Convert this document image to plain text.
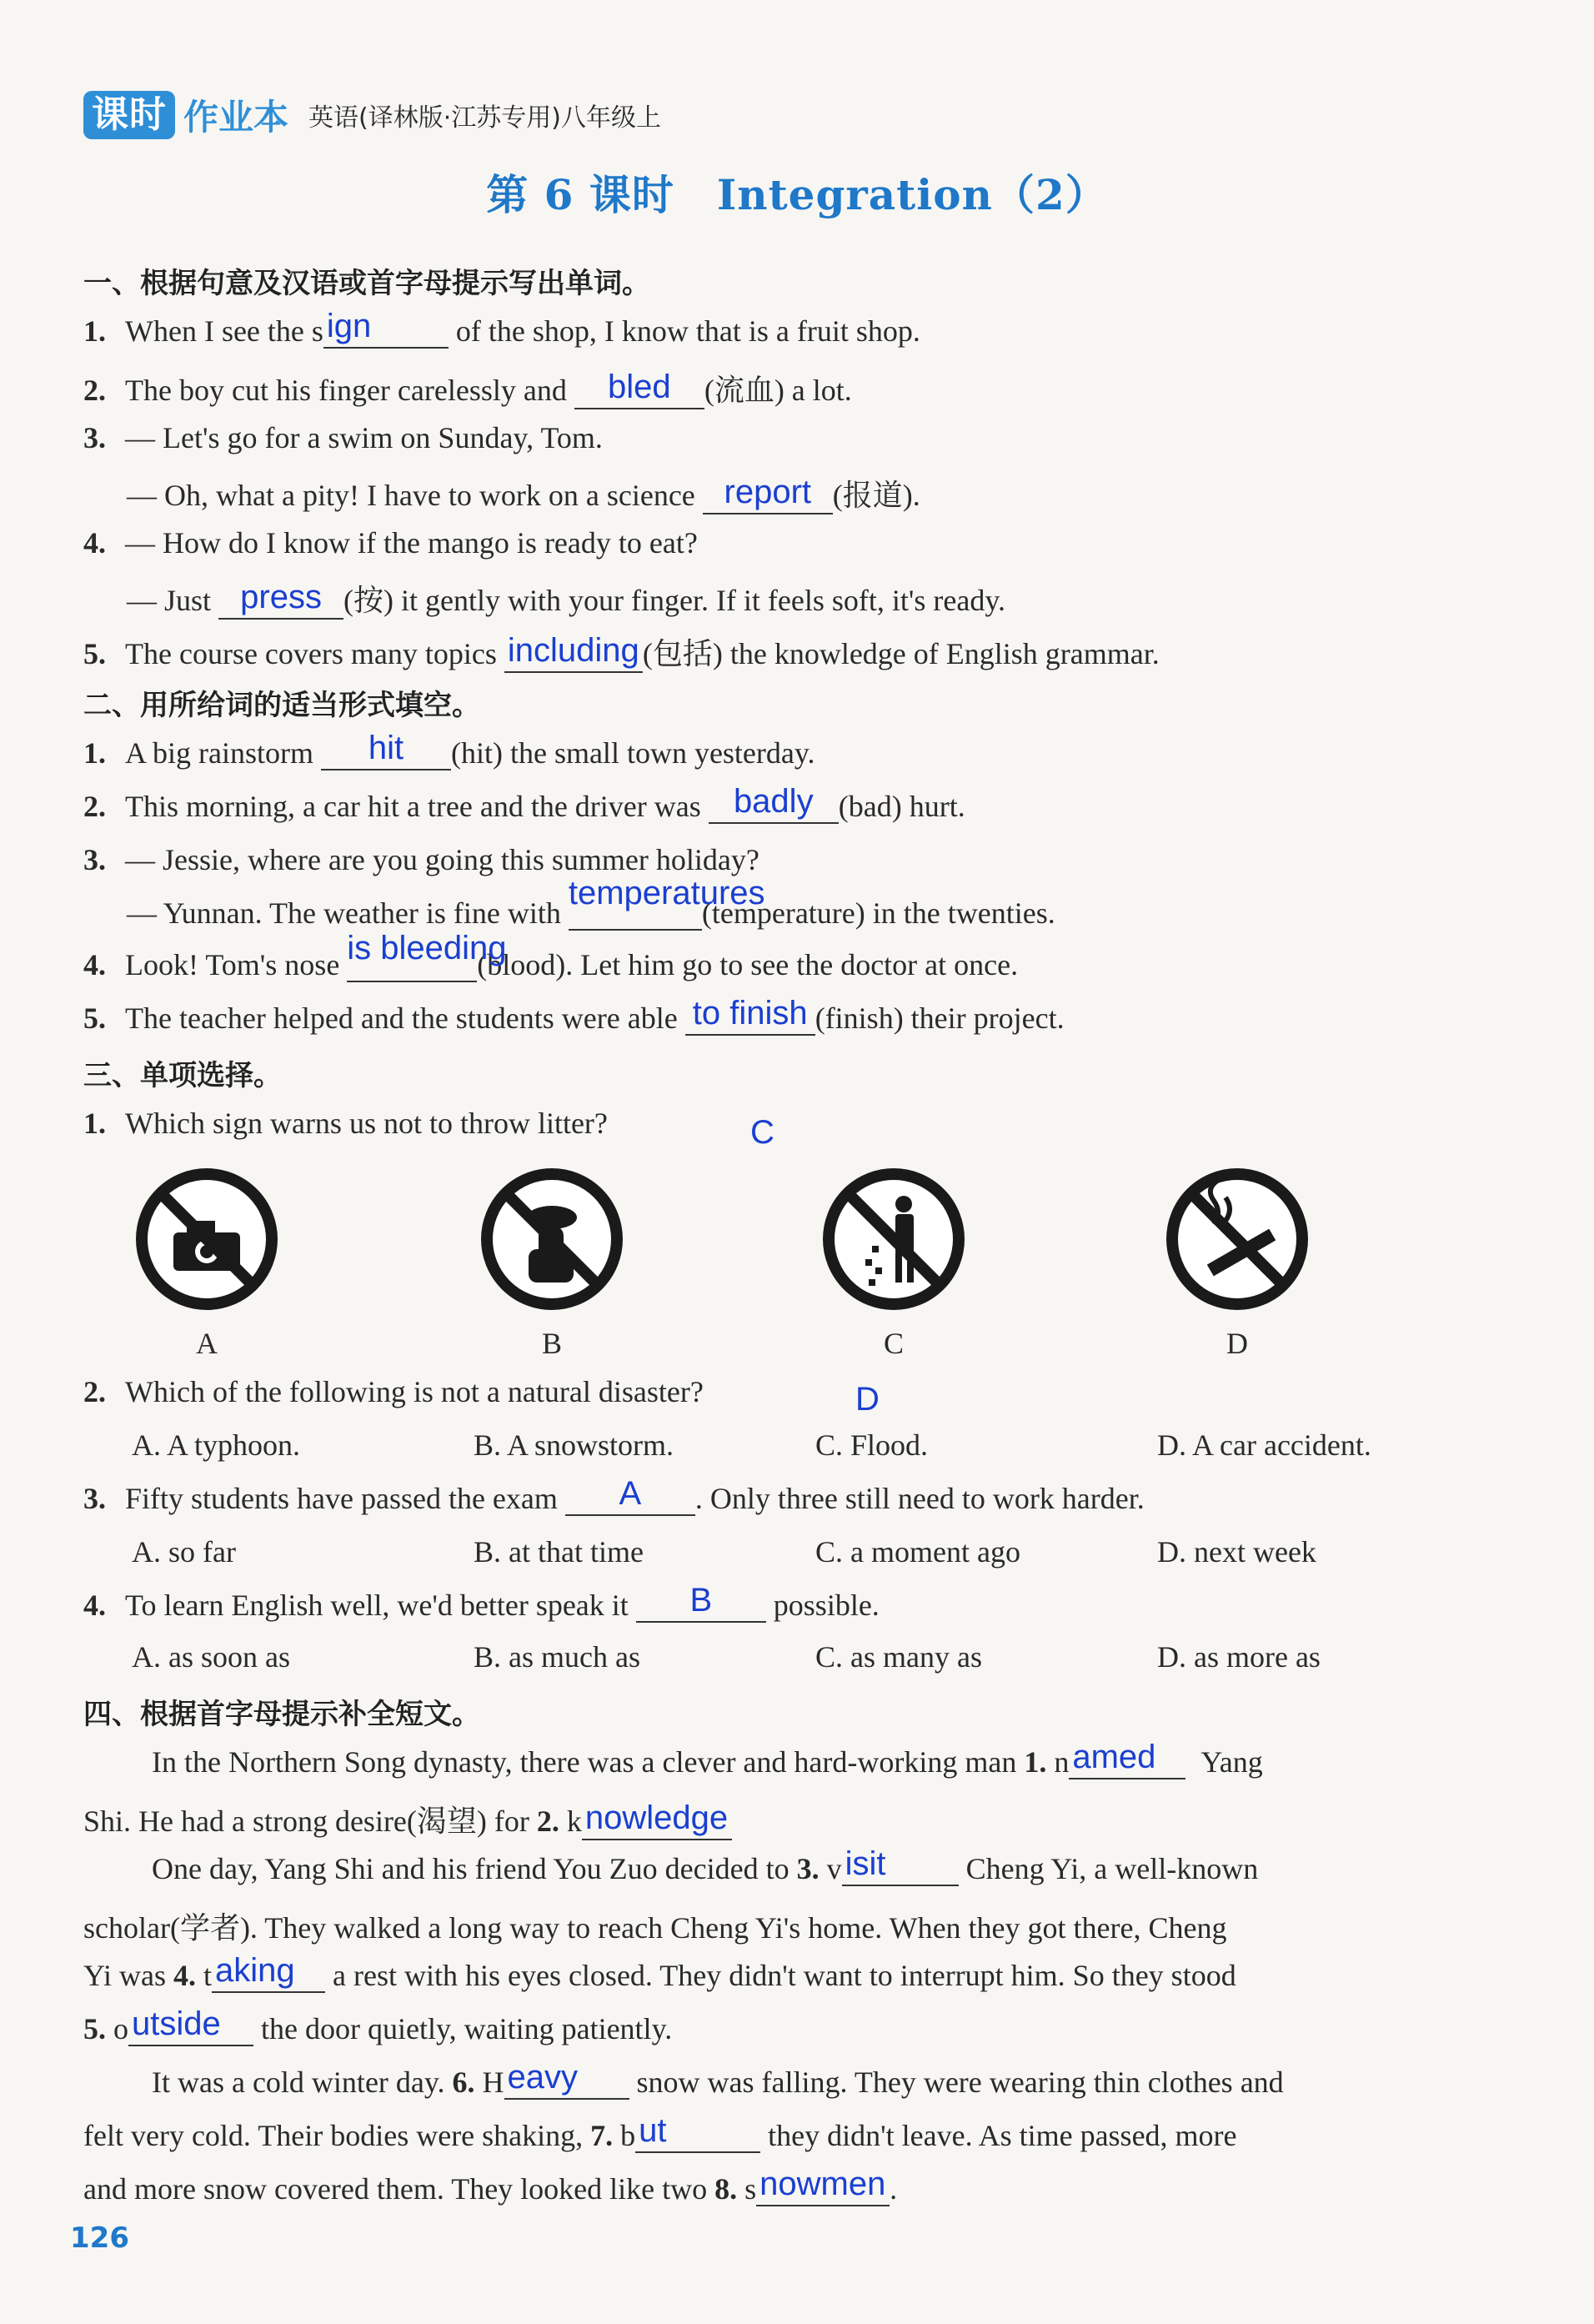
课时 作业本 英语(译林版·江苏专用)八年级上
第 6 课时　Integration（2）
一、根据句意及汉语或首字母提示写出单词。
1. When I see the s ign	of the shop, I know that is a fruit shop.
2. The boy cut his finger carelessly and	bled	(流血) a lot.
3. — Let's go for a swim on Sunday, Tom.
— Oh, what a pity! I have to work on a science report (报道).
4. — How do I know if the mango is ready to eat?
— Just press (按) it gently with your finger. If it feels soft, it's ready.
5. The course covers many topics including (包括) the knowledge of English grammar.
二、用所给词的适当形式填空。
1. A big rainstorm	hit	(hit) the small town yesterday.
2. This morning, a car hit a tree and the driver was badly (bad) hurt.
3. — Jessie, where are you going this summer holiday?
— Yunnan. The weather is fine with
temperatures
(temperature) in the twenties.
4. Look! Tom's nose is bleeding
(blood). Let him go to see the doctor at once.
5. The teacher helped and the students were able to finish (finish) their project.
三、单项选择。
1. Which sign warns us not to throw litter?	C
A	B	C	D
2. Which of the following is not a natural disaster?	D
A. A typhoon.	B. A snowstorm.	C. Flood.	D. A car accident.
3. Fifty students have passed the exam	A	. Only three still need to work harder.
A. so far	B. at that time	C. a moment ago	D. next week
4. To learn English well, we'd better speak it	B	possible.
A. as soon as	B. as much as	C. as many as	D. as more as
四、根据首字母提示补全短文。
In the Northern Song dynasty, there was a clever and hard-working man 1. n amed	Yang
Shi. He had a strong desire(渴望) for 2. k nowledge
One day, Yang Shi and his friend You Zuo decided to 3. v isit	Cheng Yi, a well-known
scholar(学者). They walked a long way to reach Cheng Yi's home. When they got there, Cheng
Yi was 4. t aking	a rest with his eyes closed. They didn't want to interrupt him. So they stood
5. o utside	the door quietly, waiting patiently.
It was a cold winter day. 6. H eavy	snow was falling. They were wearing thin clothes and
felt very cold. Their bodies were shaking, 7. b ut	they didn't leave. As time passed, more
and more snow covered them. They looked like two 8. s nowmen .
126
